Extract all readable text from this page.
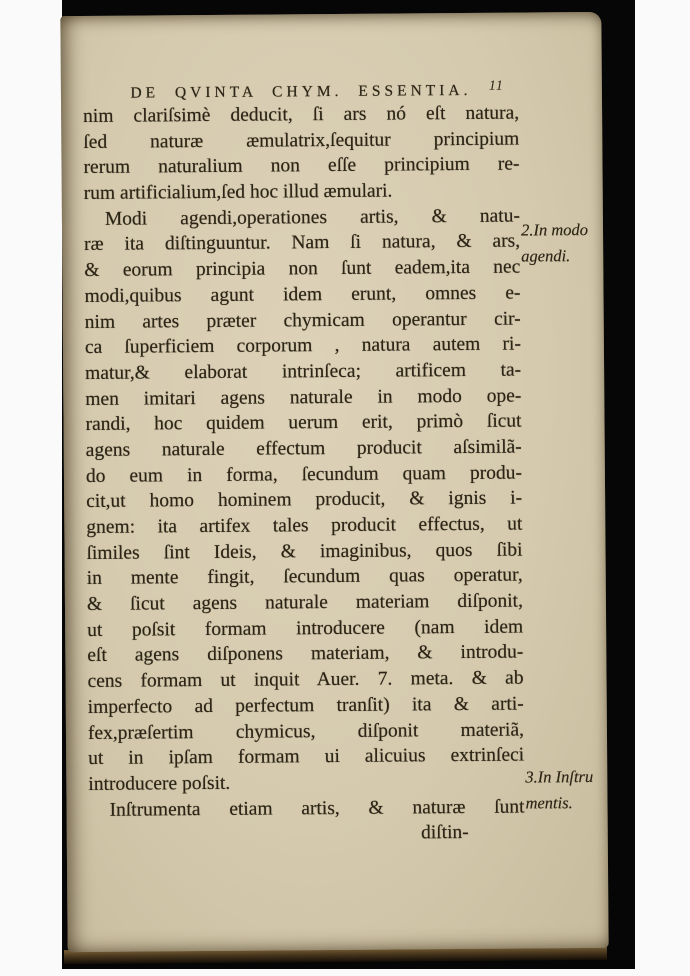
DE QVINTA CHYM. ESSENTIA.	11
nim clariſsimè deducit, ſi ars nó eſt natura,
ſed naturæ æmulatrix,ſequitur principium
rerum naturalium non eſſe principium re-
rum artificialium,ſed hoc illud æmulari.
Modi agendi,operationes artis, & natu-
ræ ita diſtinguuntur. Nam ſi natura, & ars,
& eorum principia non ſunt eadem,ita nec
modi,quibus agunt idem erunt, omnes e-
nim artes præter chymicam operantur cir-
ca ſuperficiem corporum , natura autem ri-
matur,& elaborat intrinſeca; artificem ta-
men imitari agens naturale in modo ope-
randi, hoc quidem uerum erit, primò ſicut
agens naturale effectum producit aſsimilã-
do eum in forma, ſecundum quam produ-
cit,ut homo hominem producit, & ignis i-
gnem: ita artifex tales producit effectus, ut
ſimiles ſint Ideis, & imaginibus, quos ſibi
in mente fingit, ſecundum quas operatur,
& ſicut agens naturale materiam diſponit,
ut poſsit formam introducere (nam idem
eſt agens diſponens materiam, & introdu-
cens formam ut inquit Auer. 7. meta. & ab
imperfecto ad perfectum tranſit) ita & arti-
fex,præſertim chymicus, diſponit materiã,
ut in ipſam formam ui alicuius extrinſeci
introducere poſsit.
Inſtrumenta etiam artis, & naturæ ſunt
diſtin-
2.In modo
agendi.
3.In Inſtru
mentis.
